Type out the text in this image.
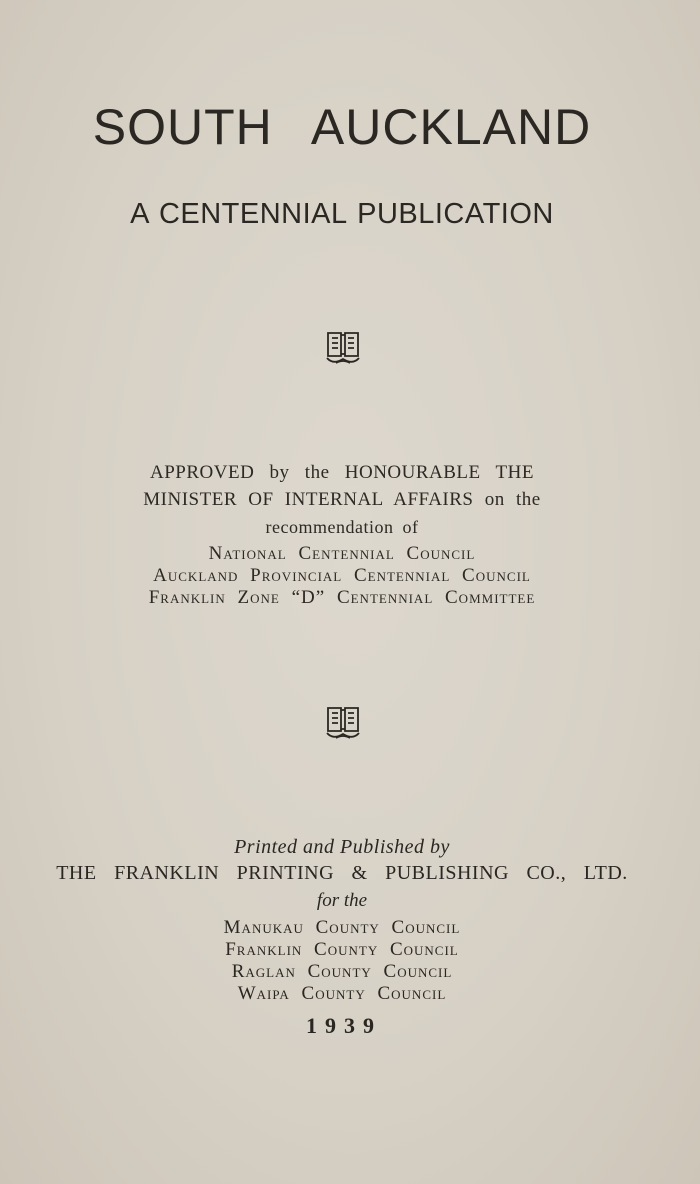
SOUTH AUCKLAND
A CENTENNIAL PUBLICATION
APPROVED by the HONOURABLE THE
MINISTER OF INTERNAL AFFAIRS on the
recommendation of
National Centennial Council
Auckland Provincial Centennial Council
Franklin Zone “D” Centennial Committee
Printed and Published by
THE FRANKLIN PRINTING & PUBLISHING CO., LTD.
for the
Manukau County Council
Franklin County Council
Raglan County Council
Waipa County Council
1939
